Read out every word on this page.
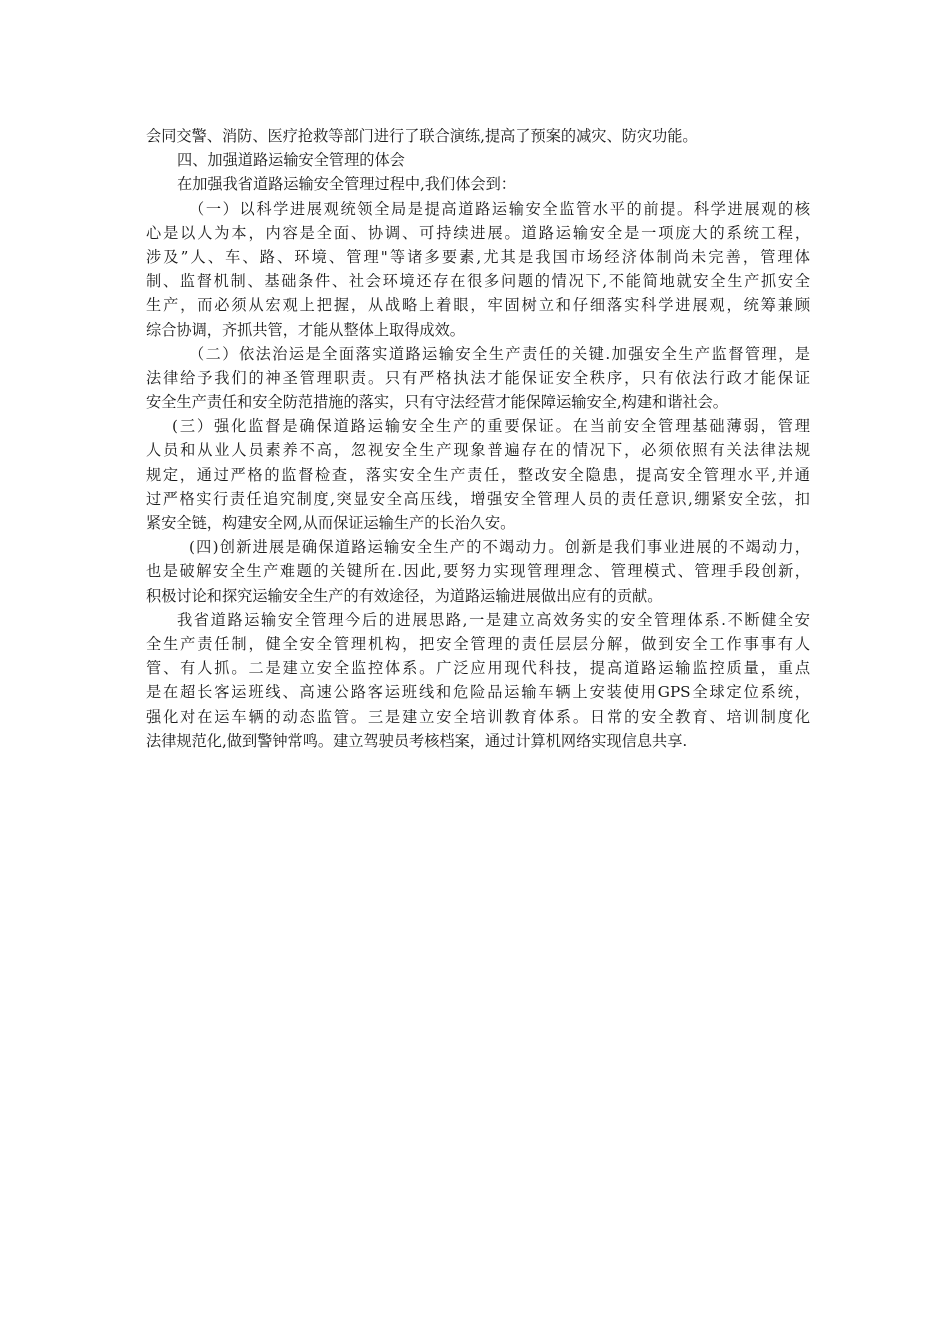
会同交警、消防、医疗抢救等部门进行了联合演练,提高了预案的减灾、防灾功能。
四、加强道路运输安全管理的体会
在加强我省道路运输安全管理过程中,我们体会到：
（一）以科学进展观统领全局是提高道路运输安全监管水平的前提。科学进展观的核
心是以人为本，内容是全面、协调、可持续进展。道路运输安全是一项庞大的系统工程，
涉及”人、车、路、环境、管理"等诸多要素,尤其是我国市场经济体制尚未完善，管理体
制、监督机制、基础条件、社会环境还存在很多问题的情况下,不能简地就安全生产抓安全
生产，而必须从宏观上把握，从战略上着眼，牢固树立和仔细落实科学进展观，统筹兼顾
综合协调，齐抓共管，才能从整体上取得成效。
（二）依法治运是全面落实道路运输安全生产责任的关键.加强安全生产监督管理，是
法律给予我们的神圣管理职责。只有严格执法才能保证安全秩序，只有依法行政才能保证
安全生产责任和安全防范措施的落实，只有守法经营才能保障运输安全,构建和谐社会。
(三）强化监督是确保道路运输安全生产的重要保证。在当前安全管理基础薄弱，管理
人员和从业人员素养不高，忽视安全生产现象普遍存在的情况下，必须依照有关法律法规
规定，通过严格的监督检查，落实安全生产责任，整改安全隐患，提高安全管理水平,并通
过严格实行责任追究制度,突显安全高压线，增强安全管理人员的责任意识,绷紧安全弦，扣
紧安全链，构建安全网,从而保证运输生产的长治久安。
(四)创新进展是确保道路运输安全生产的不竭动力。创新是我们事业进展的不竭动力，
也是破解安全生产难题的关键所在.因此,要努力实现管理理念、管理模式、管理手段创新，
积极讨论和探究运输安全生产的有效途径，为道路运输进展做出应有的贡献。
我省道路运输安全管理今后的进展思路,一是建立高效务实的安全管理体系.不断健全安
全生产责任制，健全安全管理机构，把安全管理的责任层层分解，做到安全工作事事有人
管、有人抓。二是建立安全监控体系。广泛应用现代科技，提高道路运输监控质量，重点
是在超长客运班线、高速公路客运班线和危险品运输车辆上安装使用GPS全球定位系统，
强化对在运车辆的动态监管。三是建立安全培训教育体系。日常的安全教育、培训制度化
法律规范化,做到警钟常鸣。建立驾驶员考核档案，通过计算机网络实现信息共享.
